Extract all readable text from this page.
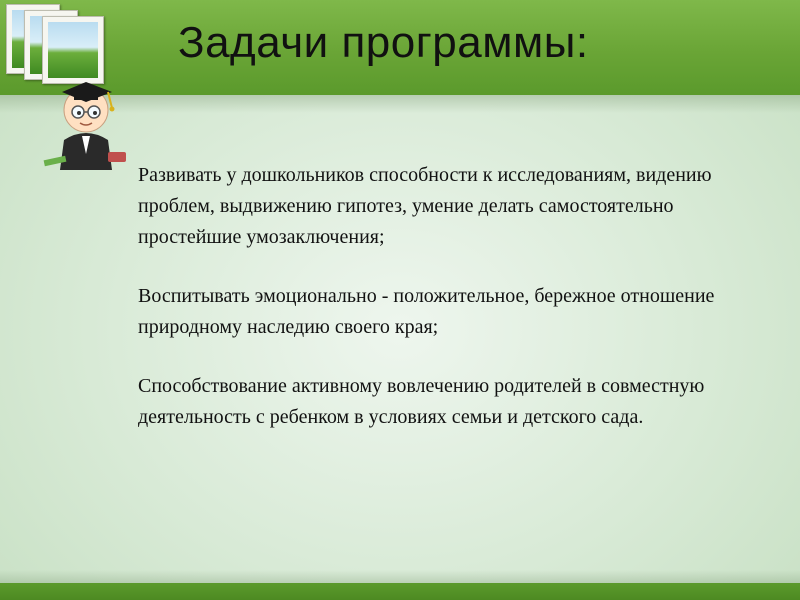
Задачи программы:
Развивать у дошкольников способности к исследованиям, видению проблем, выдвижению гипотез, умение делать самостоятельно простейшие умозаключения;
Воспитывать эмоционально - положительное, бережное отношение природному наследию своего края;
Способствование активному вовлечению родителей в совместную деятельность с ребенком в условиях семьи и детского сада.
